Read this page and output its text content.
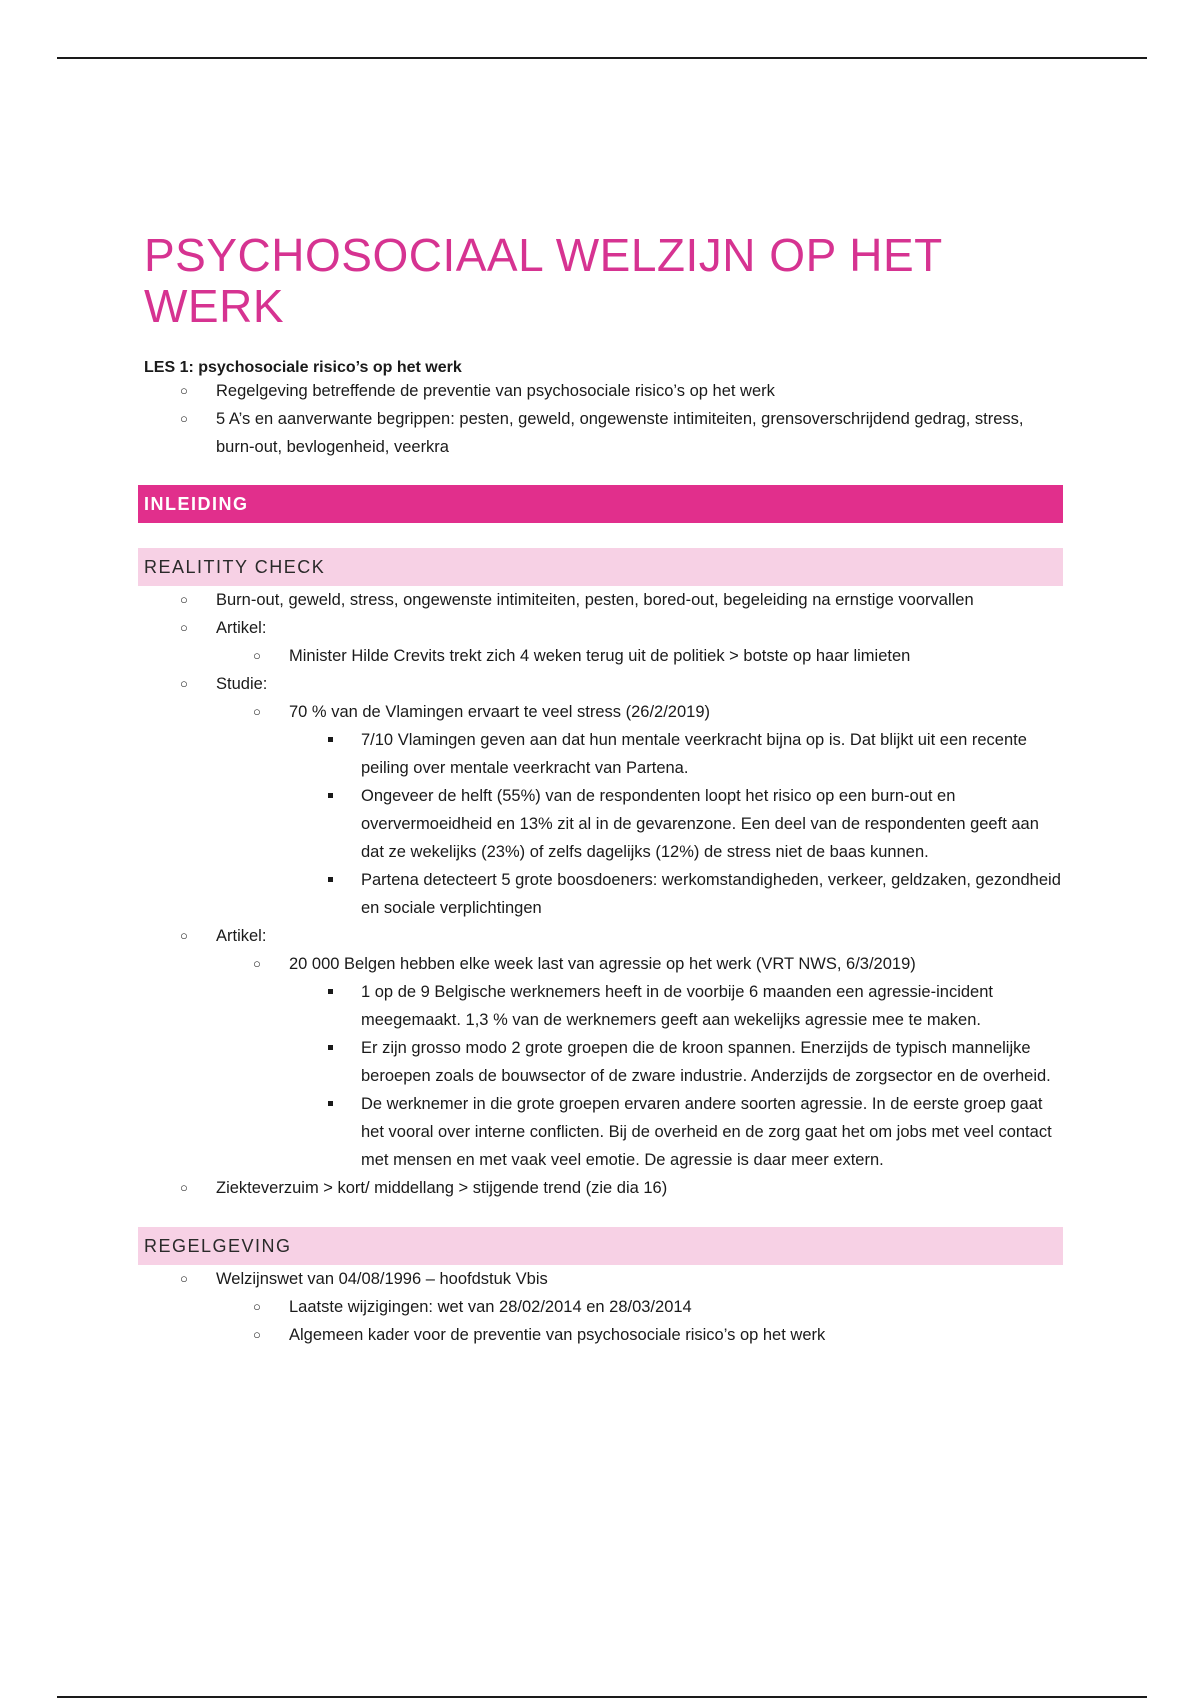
PSYCHOSOCIAAL WELZIJN OP HET WERK
LES 1: psychosociale risico’s op het werk
○ Regelgeving betreffende de preventie van psychosociale risico’s op het werk
○ 5 A’s en aanverwante begrippen: pesten, geweld, ongewenste intimiteiten, grensoverschrijdend gedrag, stress, burn-out, bevlogenheid, veerkra
INLEIDING
REALITITY CHECK
○ Burn-out, geweld, stress, ongewenste intimiteiten, pesten, bored-out, begeleiding na ernstige voorvallen
○ Artikel:
○ Minister Hilde Crevits trekt zich 4 weken terug uit de politiek > botste op haar limieten
○ Studie:
○ 70 % van de Vlamingen ervaart te veel stress (26/2/2019)
7/10 Vlamingen geven aan dat hun mentale veerkracht bijna op is. Dat blijkt uit een recente peiling over mentale veerkracht van Partena.
Ongeveer de helft (55%) van de respondenten loopt het risico op een burn-out en oververmoeidheid en 13% zit al in de gevarenzone. Een deel van de respondenten geeft aan dat ze wekelijks (23%) of zelfs dagelijks (12%) de stress niet de baas kunnen.
Partena detecteert 5 grote boosdoeners: werkomstandigheden, verkeer, geldzaken, gezondheid en sociale verplichtingen
○ Artikel:
○ 20 000 Belgen hebben elke week last van agressie op het werk (VRT NWS, 6/3/2019)
1 op de 9 Belgische werknemers heeft in de voorbije 6 maanden een agressie-incident meegemaakt. 1,3 % van de werknemers geeft aan wekelijks agressie mee te maken.
Er zijn grosso modo 2 grote groepen die de kroon spannen. Enerzijds de typisch mannelijke beroepen zoals de bouwsector of de zware industrie. Anderzijds de zorgsector en de overheid.
De werknemer in die grote groepen ervaren andere soorten agressie. In de eerste groep gaat het vooral over interne conflicten. Bij de overheid en de zorg gaat het om jobs met veel contact met mensen en met vaak veel emotie. De agressie is daar meer extern.
○ Ziekteverzuim > kort/ middellang > stijgende trend (zie dia 16)
REGELGEVING
○ Welzijnswet van 04/08/1996 – hoofdstuk Vbis
○ Laatste wijzigingen: wet van 28/02/2014 en 28/03/2014
○ Algemeen kader voor de preventie van psychosociale risico’s op het werk
